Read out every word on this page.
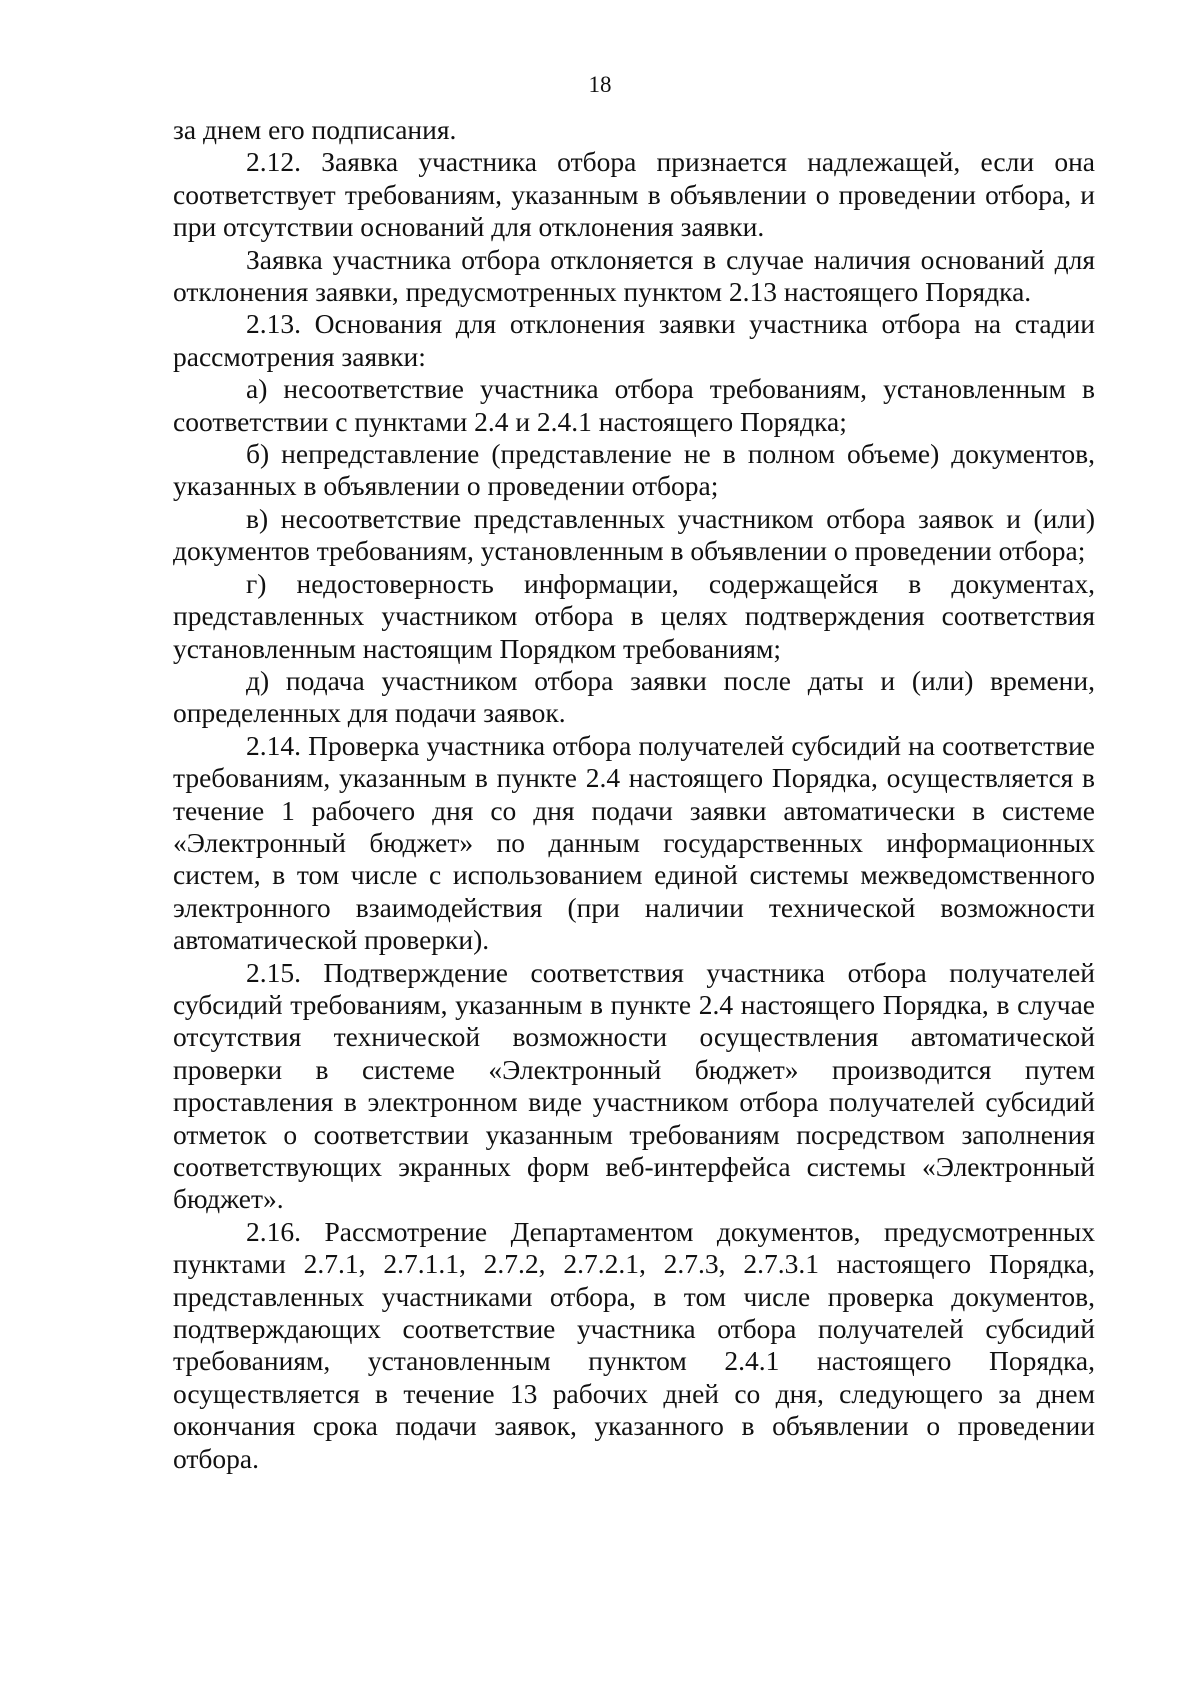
18

за днем его подписания.

2.12. Заявка участника отбора признается надлежащей, если она соответствует требованиям, указанным в объявлении о проведении отбора, и при отсутствии оснований для отклонения заявки.

Заявка участника отбора отклоняется в случае наличия оснований для отклонения заявки, предусмотренных пунктом 2.13 настоящего Порядка.

2.13. Основания для отклонения заявки участника отбора на стадии рассмотрения заявки:

а) несоответствие участника отбора требованиям, установленным в соответствии с пунктами 2.4 и 2.4.1 настоящего Порядка;

б) непредставление (представление не в полном объеме) документов, указанных в объявлении о проведении отбора;

в) несоответствие представленных участником отбора заявок и (или) документов требованиям, установленным в объявлении о проведении отбора;

г) недостоверность информации, содержащейся в документах, представленных участником отбора в целях подтверждения соответствия установленным настоящим Порядком требованиям;

д) подача участником отбора заявки после даты и (или) времени, определенных для подачи заявок.

2.14. Проверка участника отбора получателей субсидий на соответствие требованиям, указанным в пункте 2.4 настоящего Порядка, осуществляется в течение 1 рабочего дня со дня подачи заявки автоматически в системе «Электронный бюджет» по данным государственных информационных систем, в том числе с использованием единой системы межведомственного электронного взаимодействия (при наличии технической возможности автоматической проверки).

2.15. Подтверждение соответствия участника отбора получателей субсидий требованиям, указанным в пункте 2.4 настоящего Порядка, в случае отсутствия технической возможности осуществления автоматической проверки в системе «Электронный бюджет» производится путем проставления в электронном виде участником отбора получателей субсидий отметок о соответствии указанным требованиям посредством заполнения соответствующих экранных форм веб-интерфейса системы «Электронный бюджет».

2.16. Рассмотрение Департаментом документов, предусмотренных пунктами 2.7.1, 2.7.1.1, 2.7.2, 2.7.2.1, 2.7.3, 2.7.3.1 настоящего Порядка, представленных участниками отбора, в том числе проверка документов, подтверждающих соответствие участника отбора получателей субсидий требованиям, установленным пунктом 2.4.1 настоящего Порядка, осуществляется в течение 13 рабочих дней со дня, следующего за днем окончания срока подачи заявок, указанного в объявлении о проведении отбора.
